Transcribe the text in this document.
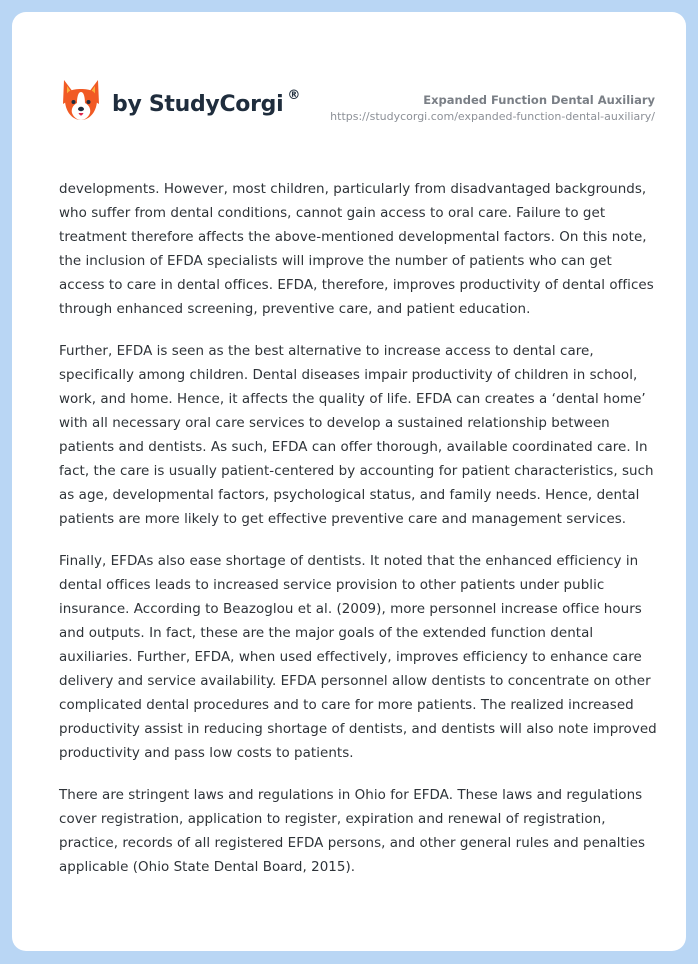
by StudyCorgi ®	Expanded Function Dental Auxiliary
https://studycorgi.com/expanded-function-dental-auxiliary/

developments. However, most children, particularly from disadvantaged backgrounds, who suffer from dental conditions, cannot gain access to oral care. Failure to get treatment therefore affects the above-mentioned developmental factors. On this note, the inclusion of EFDA specialists will improve the number of patients who can get access to care in dental offices. EFDA, therefore, improves productivity of dental offices through enhanced screening, preventive care, and patient education.

Further, EFDA is seen as the best alternative to increase access to dental care, specifically among children. Dental diseases impair productivity of children in school, work, and home. Hence, it affects the quality of life. EFDA can creates a ‘dental home’ with all necessary oral care services to develop a sustained relationship between patients and dentists. As such, EFDA can offer thorough, available coordinated care. In fact, the care is usually patient-centered by accounting for patient characteristics, such as age, developmental factors, psychological status, and family needs. Hence, dental patients are more likely to get effective preventive care and management services.

Finally, EFDAs also ease shortage of dentists. It noted that the enhanced efficiency in dental offices leads to increased service provision to other patients under public insurance. According to Beazoglou et al. (2009), more personnel increase office hours and outputs. In fact, these are the major goals of the extended function dental auxiliaries. Further, EFDA, when used effectively, improves efficiency to enhance care delivery and service availability. EFDA personnel allow dentists to concentrate on other complicated dental procedures and to care for more patients. The realized increased productivity assist in reducing shortage of dentists, and dentists will also note improved productivity and pass low costs to patients.

There are stringent laws and regulations in Ohio for EFDA. These laws and regulations cover registration, application to register, expiration and renewal of registration, practice, records of all registered EFDA persons, and other general rules and penalties applicable (Ohio State Dental Board, 2015).
